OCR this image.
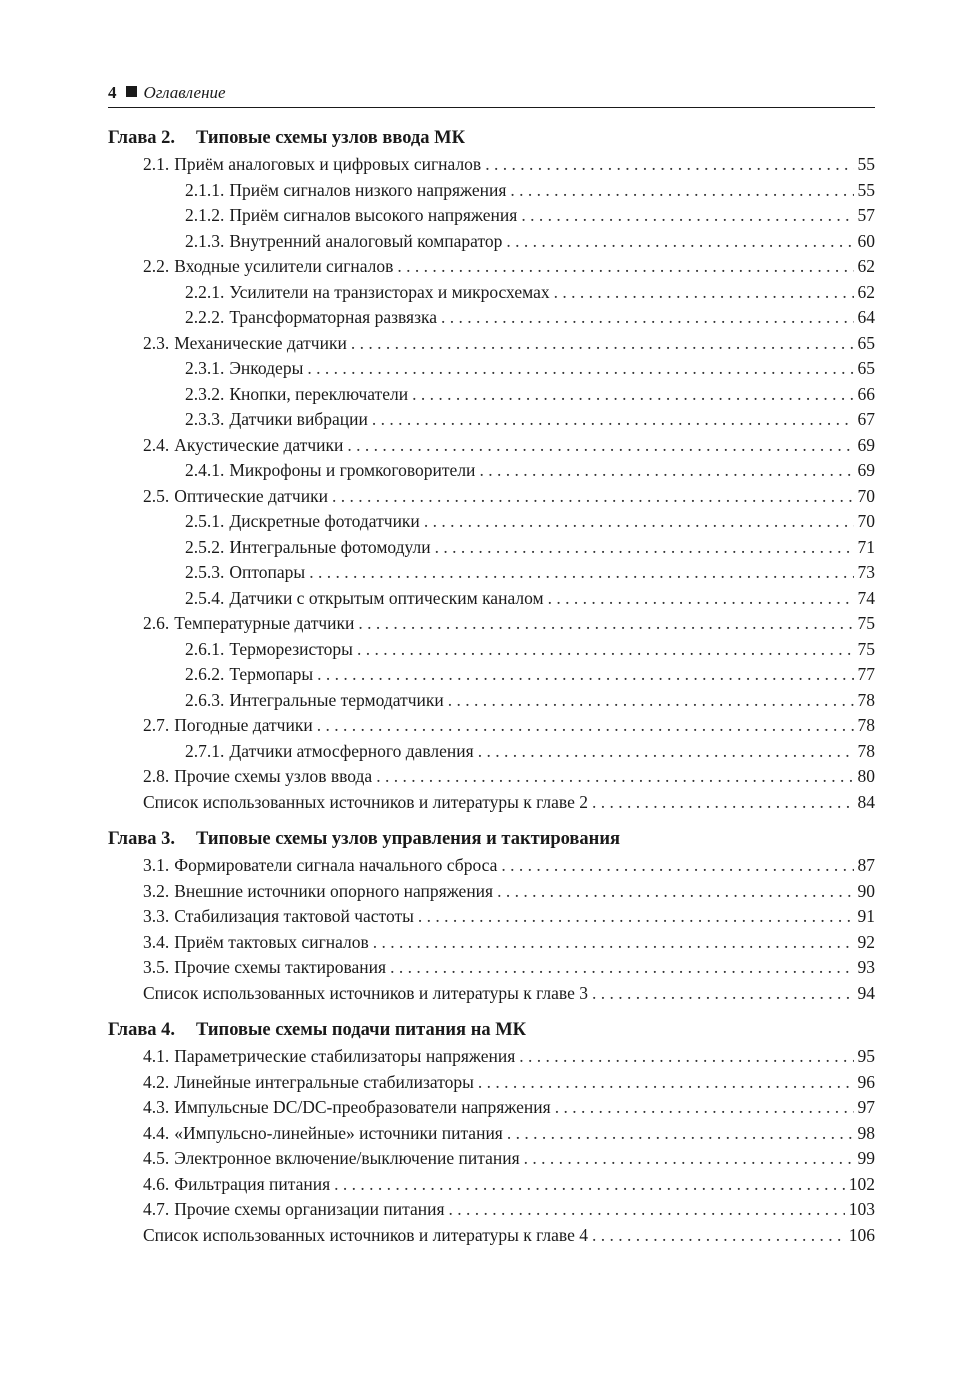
4 Оглавление
Глава 2. Типовые схемы узлов ввода МК
2.1. Приём аналоговых и цифровых сигналов . . .	55
2.1.1. Приём сигналов низкого напряжения . . .	55
2.1.2. Приём сигналов высокого напряжения . . .	57
2.1.3. Внутренний аналоговый компаратор . . .	60
2.2. Входные усилители сигналов . . .	62
2.2.1. Усилители на транзисторах и микросхемах . . .	62
2.2.2. Трансформаторная развязка . . .	64
2.3. Механические датчики . . .	65
2.3.1. Энкодеры . . .	65
2.3.2. Кнопки, переключатели . . .	66
2.3.3. Датчики вибрации . . .	67
2.4. Акустические датчики . . .	69
2.4.1. Микрофоны и громкоговорители . . .	69
2.5. Оптические датчики . . .	70
2.5.1. Дискретные фотодатчики . . .	70
2.5.2. Интегральные фотомодули . . .	71
2.5.3. Оптопары . . .	73
2.5.4. Датчики с открытым оптическим каналом . . .	74
2.6. Температурные датчики . . .	75
2.6.1. Терморезисторы . . .	75
2.6.2. Термопары . . .	77
2.6.3. Интегральные термодатчики . . .	78
2.7. Погодные датчики . . .	78
2.7.1. Датчики атмосферного давления . . .	78
2.8. Прочие схемы узлов ввода . . .	80
Список использованных источников и литературы к главе 2 . . .	84
Глава 3. Типовые схемы узлов управления и тактирования
3.1. Формирователи сигнала начального сброса . . .	87
3.2. Внешние источники опорного напряжения . . .	90
3.3. Стабилизация тактовой частоты . . .	91
3.4. Приём тактовых сигналов . . .	92
3.5. Прочие схемы тактирования . . .	93
Список использованных источников и литературы к главе 3 . . .	94
Глава 4. Типовые схемы подачи питания на МК
4.1. Параметрические стабилизаторы напряжения . . .	95
4.2. Линейные интегральные стабилизаторы . . .	96
4.3. Импульсные DC/DC-преобразователи напряжения . . .	97
4.4. «Импульсно-линейные» источники питания . . .	98
4.5. Электронное включение/выключение питания . . .	99
4.6. Фильтрация питания . . .	102
4.7. Прочие схемы организации питания . . .	103
Список использованных источников и литературы к главе 4 . . .	106
